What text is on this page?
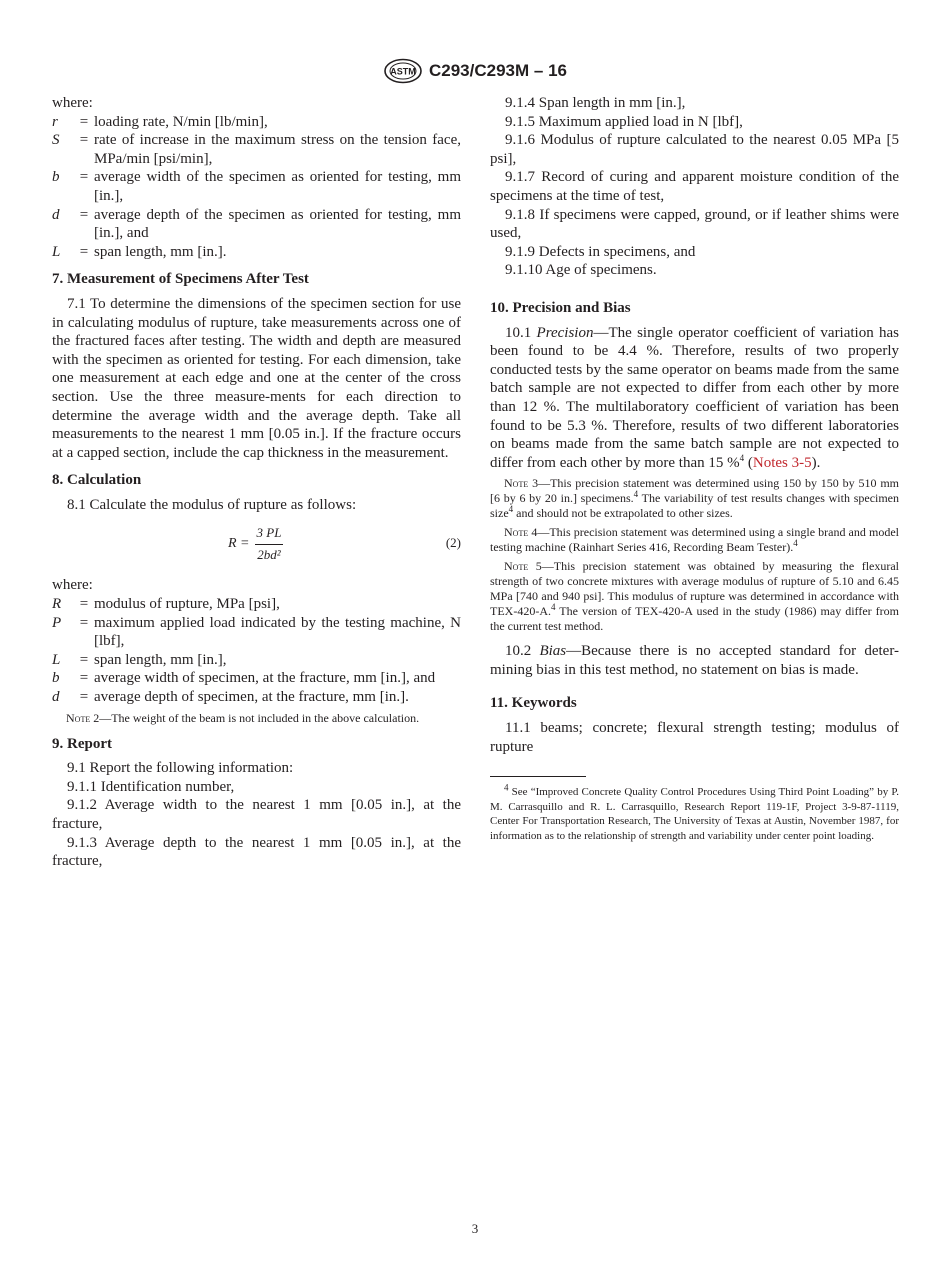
ASTM C293/C293M – 16

where:

r	= loading rate, N/min [lb/min],
S	= rate of increase in the maximum stress on the tension face, MPa/min [psi/min],
b	= average width of the specimen as oriented for testing, mm [in.],
d	= average depth of the specimen as oriented for testing, mm [in.], and
L	= span length, mm [in.].
7. Measurement of Specimens After Test

7.1 To determine the dimensions of the specimen section for use in calculating modulus of rupture, take measurements across one of the fractured faces after testing. The width and depth are measured with the specimen as oriented for testing. For each dimension, take one measurement at each edge and one at the center of the cross section. Use the three measure-ments for each direction to determine the average width and the average depth. Take all measurements to the nearest 1 mm [0.05 in.]. If the fracture occurs at a capped section, include the cap thickness in the measurement.

8. Calculation

8.1 Calculate the modulus of rupture as follows:

$R = \frac{3 PL}{\text{2bd²}}$	(2)

where:

R	= modulus of rupture, MPa [psi],
P	= maximum applied load indicated by the testing machine, N [lbf],
L	= span length, mm [in.],
b	= average width of specimen, at the fracture, mm [in.], and
d	= average depth of specimen, at the fracture, mm [in.].

Note 2—The weight of the beam is not included in the above calculation.

9. Report

9.1 Report the following information:

9.1.1 Identification number,

9.1.2 Average width to the nearest 1 mm [0.05 in.], at the fracture,

9.1.3 Average depth to the nearest 1 mm [0.05 in.], at the fracture,

9.1.4 Span length in mm [in.],

9.1.5 Maximum applied load in N [lbf],

9.1.6 Modulus of rupture calculated to the nearest 0.05 MPa [5 psi],

9.1.7 Record of curing and apparent moisture condition of the specimens at the time of test,

9.1.8 If specimens were capped, ground, or if leather shims were used,

9.1.9 Defects in specimens, and

9.1.10 Age of specimens.

10. Precision and Bias

10.1 Precision—The single operator coefficient of variation has been found to be 4.4 %. Therefore, results of two properly conducted tests by the same operator on beams made from the same batch sample are not expected to differ from each other by more than 12 %. The multilaboratory coefficient of variation has been found to be 5.3 %. Therefore, results of two different laboratories on beams made from the same batch sample are not expected to differ from each other by more than 15 %$^4$ (Notes 3-5).

Note 3—This precision statement was determined using 150 by 150 by 510 mm [6 by 6 by 20 in.] specimens.$^4$ The variability of test results changes with specimen size$^4$ and should not be extrapolated to other sizes.

Note 4—This precision statement was determined using a single brand and model testing machine (Rainhart Series 416, Recording Beam Tester).$^4$

Note 5—This precision statement was obtained by measuring the flexural strength of two concrete mixtures with average modulus of rupture of 5.10 and 6.45 MPa [740 and 940 psi]. This modulus of rupture was determined in accordance with TEX-420-A.$^4$ The version of TEX-420-A used in the study (1986) may differ from the current test method.

10.2 Bias—Because there is no accepted standard for deter-mining bias in this test method, no statement on bias is made.

11. Keywords

11.1 beams; concrete; flexural strength testing; modulus of rupture

$^4$ See “Improved Concrete Quality Control Procedures Using Third Point Loading” by P. M. Carrasquillo and R. L. Carrasquillo, Research Report 119-1F, Project 3-9-87-1119, Center For Transportation Research, The University of Texas at Austin, November 1987, for information as to the relationship of strength and variability under center point loading.

3
